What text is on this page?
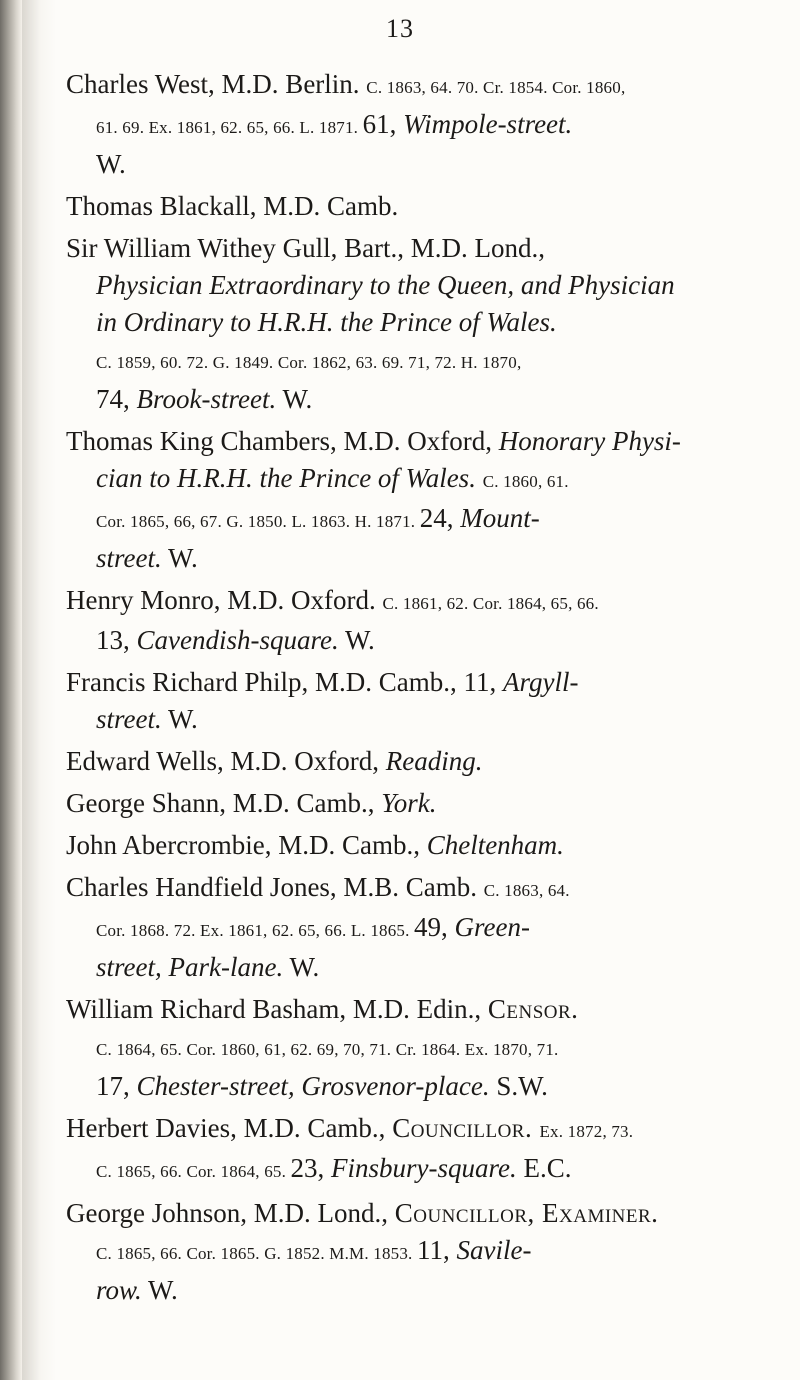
13
Charles West, M.D. Berlin. C. 1863, 64. 70. Cr. 1854. Cor. 1860,
61. 69. Ex. 1861, 62. 65, 66. L. 1871. 61, Wimpole-street.
W.
Thomas Blackall, M.D. Camb.
Sir William Withey Gull, Bart., M.D. Lond.,
Physician Extraordinary to the Queen, and Physician
in Ordinary to H.R.H. the Prince of Wales.
C. 1859, 60. 72. G. 1849. Cor. 1862, 63. 69. 71, 72. H. 1870,
74, Brook-street. W.
Thomas King Chambers, M.D. Oxford, Honorary Physi-
cian to H.R.H. the Prince of Wales. C. 1860, 61.
Cor. 1865, 66, 67. G. 1850. L. 1863. H. 1871. 24, Mount-
street. W.
Henry Monro, M.D. Oxford. C. 1861, 62. Cor. 1864, 65, 66.
13, Cavendish-square. W.
Francis Richard Philp, M.D. Camb., 11, Argyll-
street. W.
Edward Wells, M.D. Oxford, Reading.
George Shann, M.D. Camb., York.
John Abercrombie, M.D. Camb., Cheltenham.
Charles Handfield Jones, M.B. Camb. C. 1863, 64.
Cor. 1868. 72. Ex. 1861, 62. 65, 66. L. 1865. 49, Green-
street, Park-lane. W.
William Richard Basham, M.D. Edin., Censor.
C. 1864, 65. Cor. 1860, 61, 62. 69, 70, 71. Cr. 1864. Ex. 1870, 71.
17, Chester-street, Grosvenor-place. S.W.
Herbert Davies, M.D. Camb., Councillor. Ex. 1872, 73.
C. 1865, 66. Cor. 1864, 65. 23, Finsbury-square. E.C.
George Johnson, M.D. Lond., Councillor, Examiner.
C. 1865, 66. Cor. 1865. G. 1852. M.M. 1853. 11, Savile-
row. W.
